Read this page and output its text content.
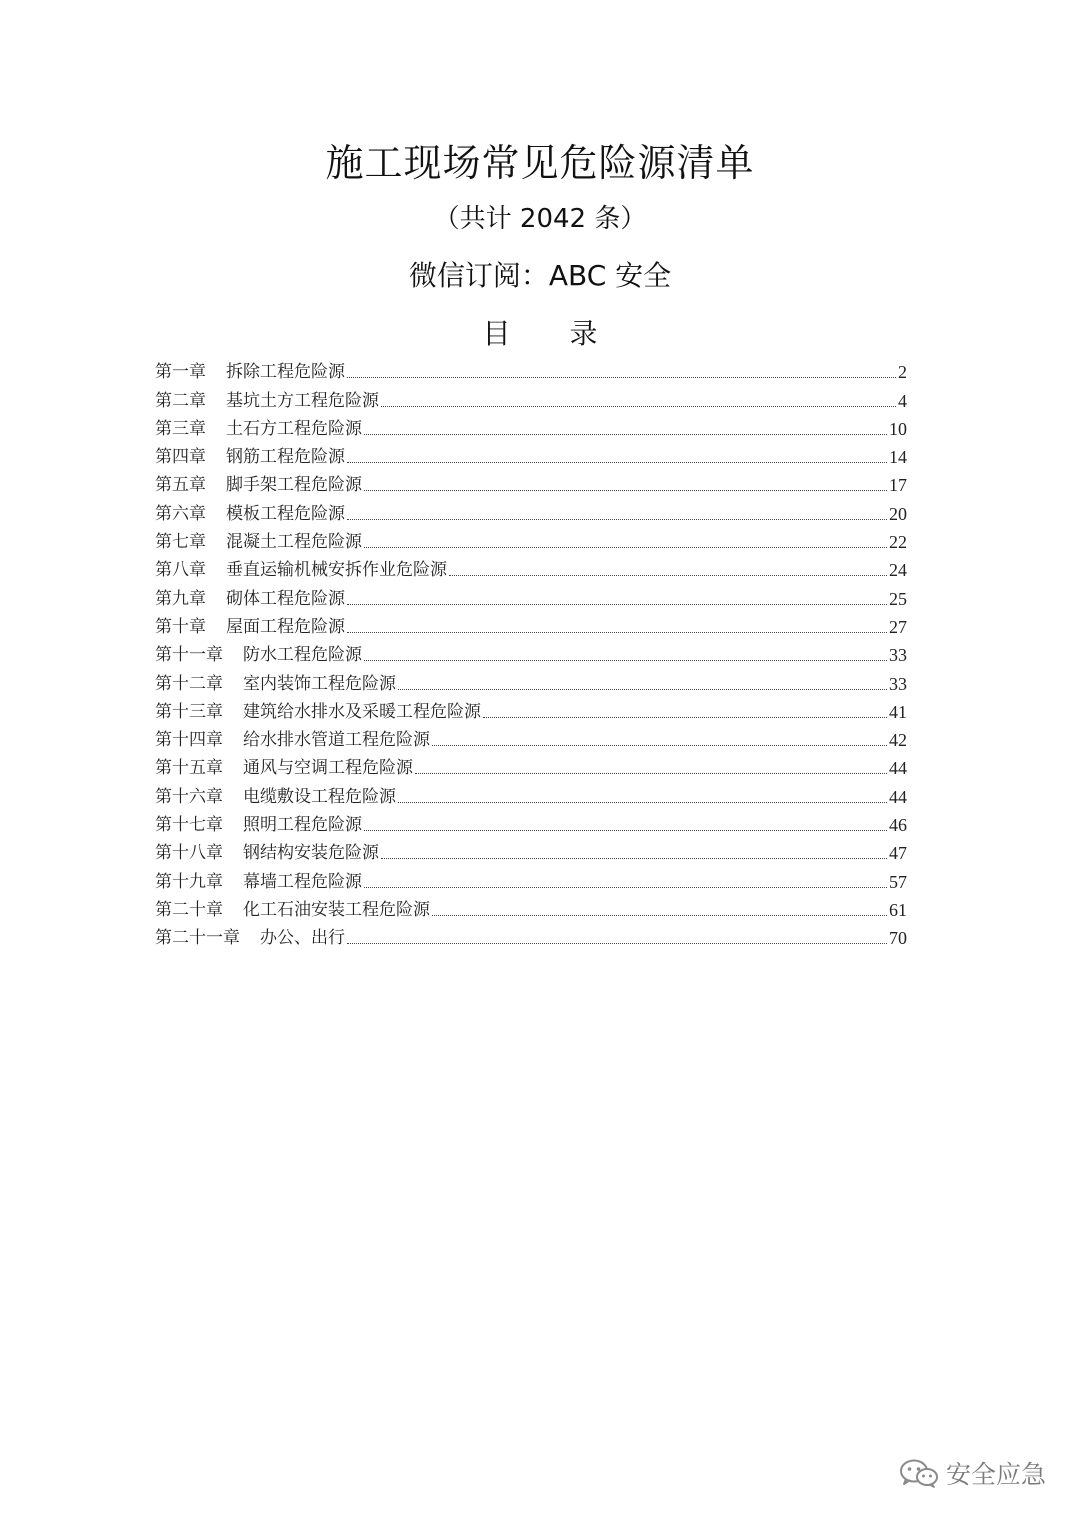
施工现场常见危险源清单
（共计 2042 条）
微信订阅：ABC 安全
目 录
第一章	拆除工程危险源	2
第二章	基坑土方工程危险源	4
第三章	土石方工程危险源	10
第四章	钢筋工程危险源	14
第五章	脚手架工程危险源	17
第六章	模板工程危险源	20
第七章	混凝土工程危险源	22
第八章	垂直运输机械安拆作业危险源	24
第九章	砌体工程危险源	25
第十章	屋面工程危险源	27
第十一章	防水工程危险源	33
第十二章	室内装饰工程危险源	33
第十三章	建筑给水排水及采暖工程危险源	41
第十四章	给水排水管道工程危险源	42
第十五章	通风与空调工程危险源	44
第十六章	电缆敷设工程危险源	44
第十七章	照明工程危险源	46
第十八章	钢结构安装危险源	47
第十九章	幕墙工程危险源	57
第二十章	化工石油安装工程危险源	61
第二十一章	办公、出行	70
安全应急
